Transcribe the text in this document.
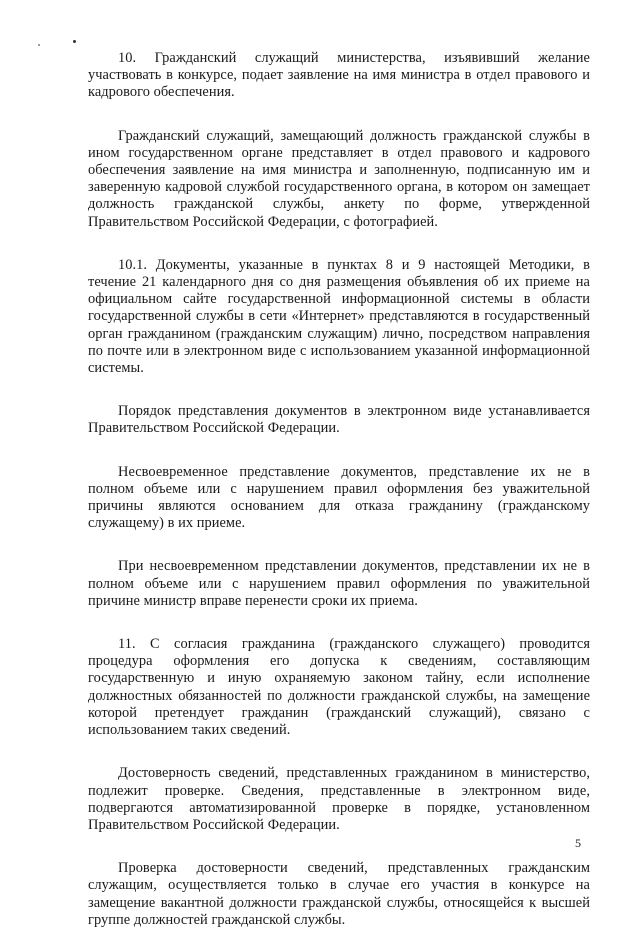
10. Гражданский служащий министерства, изъявивший желание участвовать в конкурсе, подает заявление на имя министра в отдел правового и кадрового обеспечения.

Гражданский служащий, замещающий должность гражданской службы в ином государственном органе представляет в отдел правового и кадрового обеспечения заявление на имя министра и заполненную, подписанную им и заверенную кадровой службой государственного органа, в котором он замещает должность гражданской службы, анкету по форме, утвержденной Правительством Российской Федерации, с фотографией.

10.1. Документы, указанные в пунктах 8 и 9 настоящей Методики, в течение 21 календарного дня со дня размещения объявления об их приеме на официальном сайте государственной информационной системы в области государственной службы в сети «Интернет» представляются в государственный орган гражданином (гражданским служащим) лично, посредством направления по почте или в электронном виде с использованием указанной информационной системы.

Порядок представления документов в электронном виде устанавливается Правительством Российской Федерации.

Несвоевременное представление документов, представление их не в полном объеме или с нарушением правил оформления без уважительной причины являются основанием для отказа гражданину (гражданскому служащему) в их приеме.

При несвоевременном представлении документов, представлении их не в полном объеме или с нарушением правил оформления по уважительной причине министр вправе перенести сроки их приема.

11. С согласия гражданина (гражданского служащего) проводится процедура оформления его допуска к сведениям, составляющим государственную и иную охраняемую законом тайну, если исполнение должностных обязанностей по должности гражданской службы, на замещение которой претендует гражданин (гражданский служащий), связано с использованием таких сведений.

Достоверность сведений, представленных гражданином в министерство, подлежит проверке. Сведения, представленные в электронном виде, подвергаются автоматизированной проверке в порядке, установленном Правительством Российской Федерации.

Проверка достоверности сведений, представленных гражданским служащим, осуществляется только в случае его участия в конкурсе на замещение вакантной должности гражданской службы, относящейся к высшей группе должностей гражданской службы.

5
